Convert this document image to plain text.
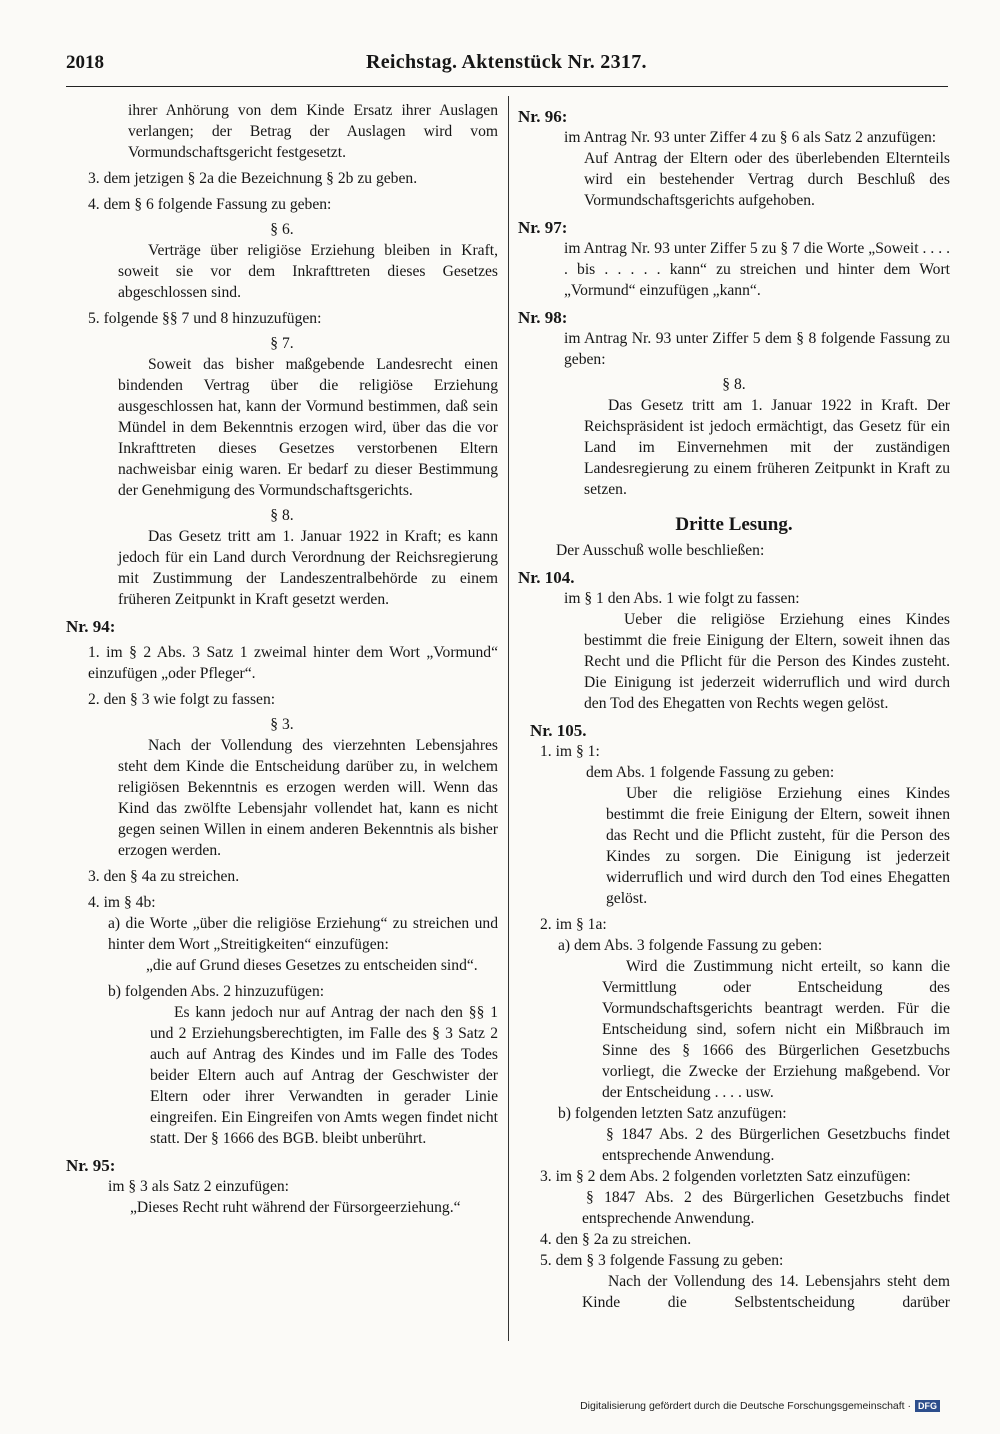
2018	Reichstag. Aktenstück Nr. 2317.

ihrer Anhörung von dem Kinde Ersatz ihrer Auslagen verlangen; der Betrag der Auslagen wird vom Vormundschaftsgericht festgesetzt.

3. dem jetzigen § 2a die Bezeichnung § 2b zu geben.

4. dem § 6 folgende Fassung zu geben:

§ 6.

Verträge über religiöse Erziehung bleiben in Kraft, soweit sie vor dem Inkrafttreten dieses Gesetzes abgeschlossen sind.

5. folgende §§ 7 und 8 hinzuzufügen:

§ 7.

Soweit das bisher maßgebende Landesrecht einen bindenden Vertrag über die religiöse Erziehung ausgeschlossen hat, kann der Vormund bestimmen, daß sein Mündel in dem Bekenntnis erzogen wird, über das die vor Inkrafttreten dieses Gesetzes verstorbenen Eltern nachweisbar einig waren. Er bedarf zu dieser Bestimmung der Genehmigung des Vormundschaftsgerichts.

§ 8.

Das Gesetz tritt am 1. Januar 1922 in Kraft; es kann jedoch für ein Land durch Verordnung der Reichsregierung mit Zustimmung der Landeszentralbehörde zu einem früheren Zeitpunkt in Kraft gesetzt werden.

Nr. 94:

1. im § 2 Abs. 3 Satz 1 zweimal hinter dem Wort „Vormund“ einzufügen „oder Pfleger“.

2. den § 3 wie folgt zu fassen:

§ 3.

Nach der Vollendung des vierzehnten Lebensjahres steht dem Kinde die Entscheidung darüber zu, in welchem religiösen Bekenntnis es erzogen werden will. Wenn das Kind das zwölfte Lebensjahr vollendet hat, kann es nicht gegen seinen Willen in einem anderen Bekenntnis als bisher erzogen werden.

3. den § 4a zu streichen.

4. im § 4b:

a) die Worte „über die religiöse Erziehung“ zu streichen und hinter dem Wort „Streitigkeiten“ einzufügen:

„die auf Grund dieses Gesetzes zu entscheiden sind“.

b) folgenden Abs. 2 hinzuzufügen:

Es kann jedoch nur auf Antrag der nach den §§ 1 und 2 Erziehungsberechtigten, im Falle des § 3 Satz 2 auch auf Antrag des Kindes und im Falle des Todes beider Eltern auch auf Antrag der Geschwister der Eltern oder ihrer Verwandten in gerader Linie eingreifen. Ein Eingreifen von Amts wegen findet nicht statt. Der § 1666 des BGB. bleibt unberührt.

Nr. 95:

im § 3 als Satz 2 einzufügen:

„Dieses Recht ruht während der Fürsorgeerziehung.“

Nr. 96:

im Antrag Nr. 93 unter Ziffer 4 zu § 6 als Satz 2 anzufügen:

Auf Antrag der Eltern oder des überlebenden Elternteils wird ein bestehender Vertrag durch Beschluß des Vormundschaftsgerichts aufgehoben.

Nr. 97:

im Antrag Nr. 93 unter Ziffer 5 zu § 7 die Worte „Soweit . . . . . bis . . . . . kann“ zu streichen und hinter dem Wort „Vormund“ einzufügen „kann“.

Nr. 98:

im Antrag Nr. 93 unter Ziffer 5 dem § 8 folgende Fassung zu geben:

§ 8.

Das Gesetz tritt am 1. Januar 1922 in Kraft. Der Reichspräsident ist jedoch ermächtigt, das Gesetz für ein Land im Einvernehmen mit der zuständigen Landesregierung zu einem früheren Zeitpunkt in Kraft zu setzen.

Dritte Lesung.

Der Ausschuß wolle beschließen:

Nr. 104.

im § 1 den Abs. 1 wie folgt zu fassen:

Ueber die religiöse Erziehung eines Kindes bestimmt die freie Einigung der Eltern, soweit ihnen das Recht und die Pflicht für die Person des Kindes zusteht. Die Einigung ist jederzeit widerruflich und wird durch den Tod des Ehegatten von Rechts wegen gelöst.

Nr. 105.

1. im § 1:

dem Abs. 1 folgende Fassung zu geben:

Uber die religiöse Erziehung eines Kindes bestimmt die freie Einigung der Eltern, soweit ihnen das Recht und die Pflicht zusteht, für die Person des Kindes zu sorgen. Die Einigung ist jederzeit widerruflich und wird durch den Tod eines Ehegatten gelöst.

2. im § 1a:

a) dem Abs. 3 folgende Fassung zu geben:

Wird die Zustimmung nicht erteilt, so kann die Vermittlung oder Entscheidung des Vormundschaftsgerichts beantragt werden. Für die Entscheidung sind, sofern nicht ein Mißbrauch im Sinne des § 1666 des Bürgerlichen Gesetzbuchs vorliegt, die Zwecke der Erziehung maßgebend. Vor der Entscheidung . . . . usw.

b) folgenden letzten Satz anzufügen:

§ 1847 Abs. 2 des Bürgerlichen Gesetzbuchs findet entsprechende Anwendung.

3. im § 2 dem Abs. 2 folgenden vorletzten Satz einzufügen:

§ 1847 Abs. 2 des Bürgerlichen Gesetzbuchs findet entsprechende Anwendung.

4. den § 2a zu streichen.

5. dem § 3 folgende Fassung zu geben:

Nach der Vollendung des 14. Lebensjahrs steht dem Kinde die Selbstentscheidung darüber

Digitalisierung gefördert durch die Deutsche Forschungsgemeinschaft · DFG
